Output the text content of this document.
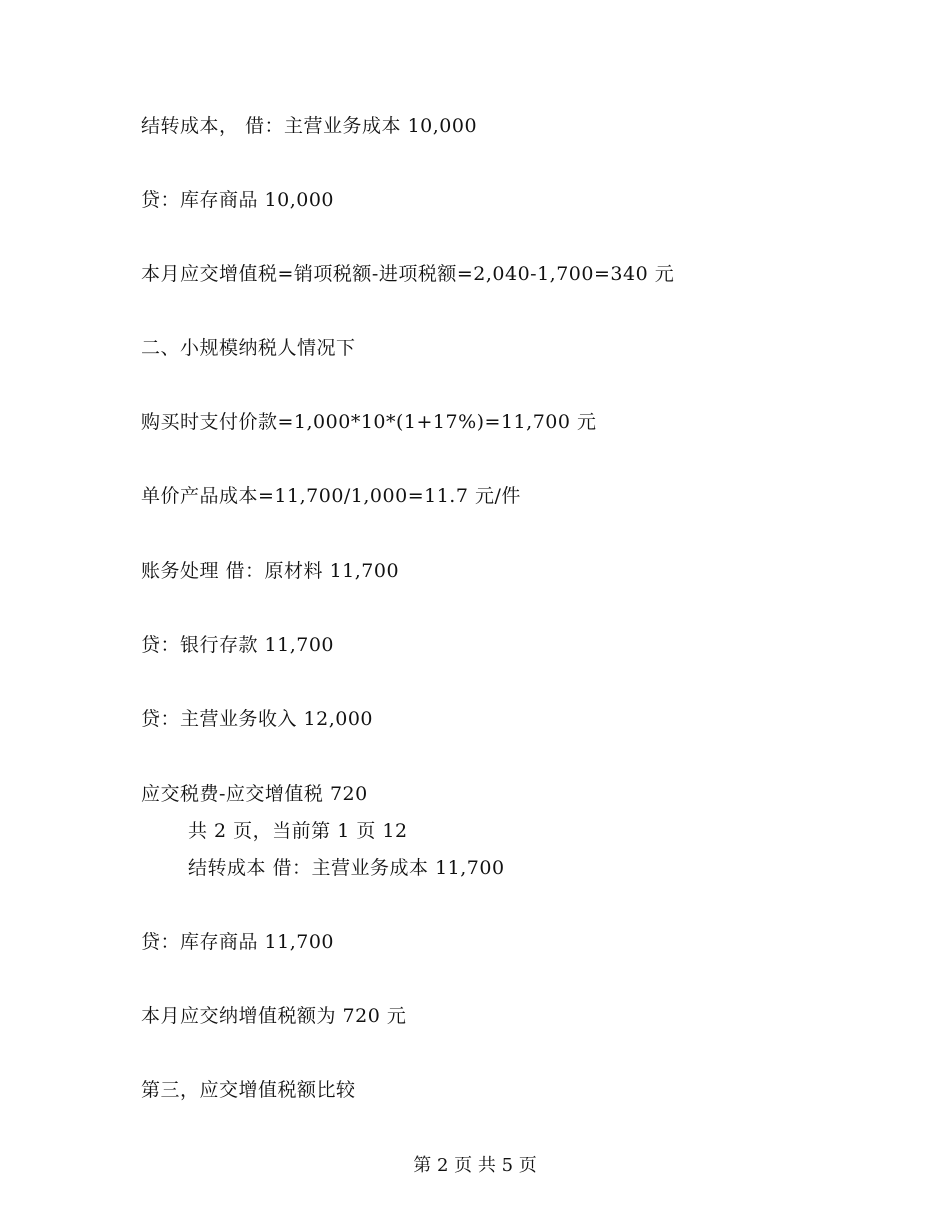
结转成本， 借：主营业务成本 10,000
贷：库存商品 10,000
本月应交增值税=销项税额-进项税额=2,040-1,700=340 元
二、小规模纳税人情况下
购买时支付价款=1,000*10*(1+17%)=11,700 元
单价产品成本=11,700/1,000=11.7 元/件
账务处理 借：原材料 11,700
贷：银行存款 11,700
贷：主营业务收入 12,000
应交税费-应交增值税 720
共 2 页，当前第 1 页 12
结转成本 借：主营业务成本 11,700
贷：库存商品 11,700
本月应交纳增值税额为 720 元
第三，应交增值税额比较
第 2 页 共 5 页
